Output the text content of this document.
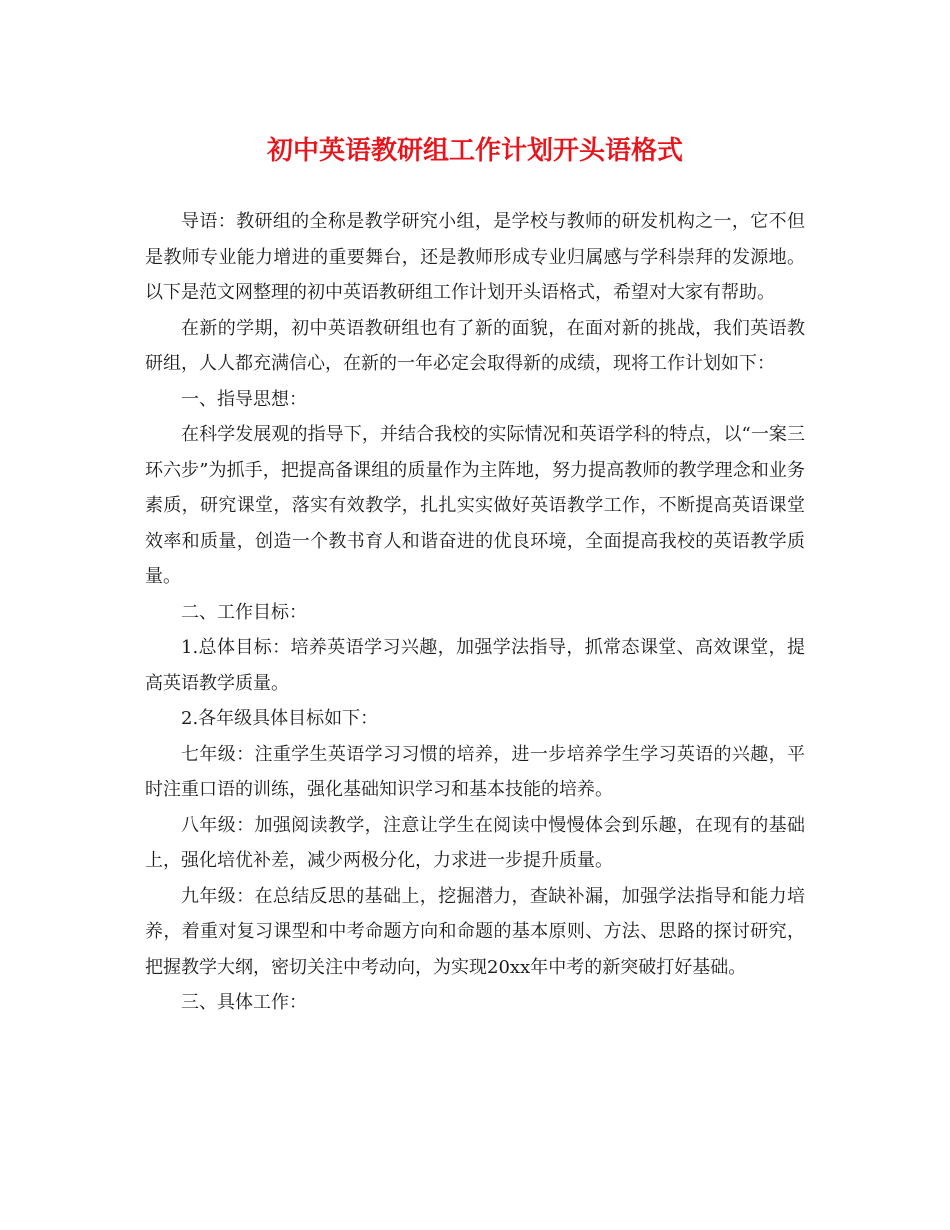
初中英语教研组工作计划开头语格式

导语：教研组的全称是教学研究小组，是学校与教师的研发机构之一，它不但是教师专业能力增进的重要舞台，还是教师形成专业归属感与学科崇拜的发源地。以下是范文网整理的初中英语教研组工作计划开头语格式，希望对大家有帮助。

在新的学期，初中英语教研组也有了新的面貌，在面对新的挑战，我们英语教研组，人人都充满信心，在新的一年必定会取得新的成绩，现将工作计划如下：

一、指导思想：

在科学发展观的指导下，并结合我校的实际情况和英语学科的特点，以“一案三环六步”为抓手，把提高备课组的质量作为主阵地，努力提高教师的教学理念和业务素质，研究课堂，落实有效教学，扎扎实实做好英语教学工作，不断提高英语课堂效率和质量，创造一个教书育人和谐奋进的优良环境，全面提高我校的英语教学质量。

二、工作目标：

1.总体目标：培养英语学习兴趣，加强学法指导，抓常态课堂、高效课堂，提高英语教学质量。

2.各年级具体目标如下：

七年级：注重学生英语学习习惯的培养，进一步培养学生学习英语的兴趣，平时注重口语的训练，强化基础知识学习和基本技能的培养。

八年级：加强阅读教学，注意让学生在阅读中慢慢体会到乐趣，在现有的基础上，强化培优补差，减少两极分化，力求进一步提升质量。

九年级：在总结反思的基础上，挖掘潜力，查缺补漏，加强学法指导和能力培养，着重对复习课型和中考命题方向和命题的基本原则、方法、思路的探讨研究，把握教学大纲，密切关注中考动向，为实现20xx年中考的新突破打好基础。

三、具体工作：
